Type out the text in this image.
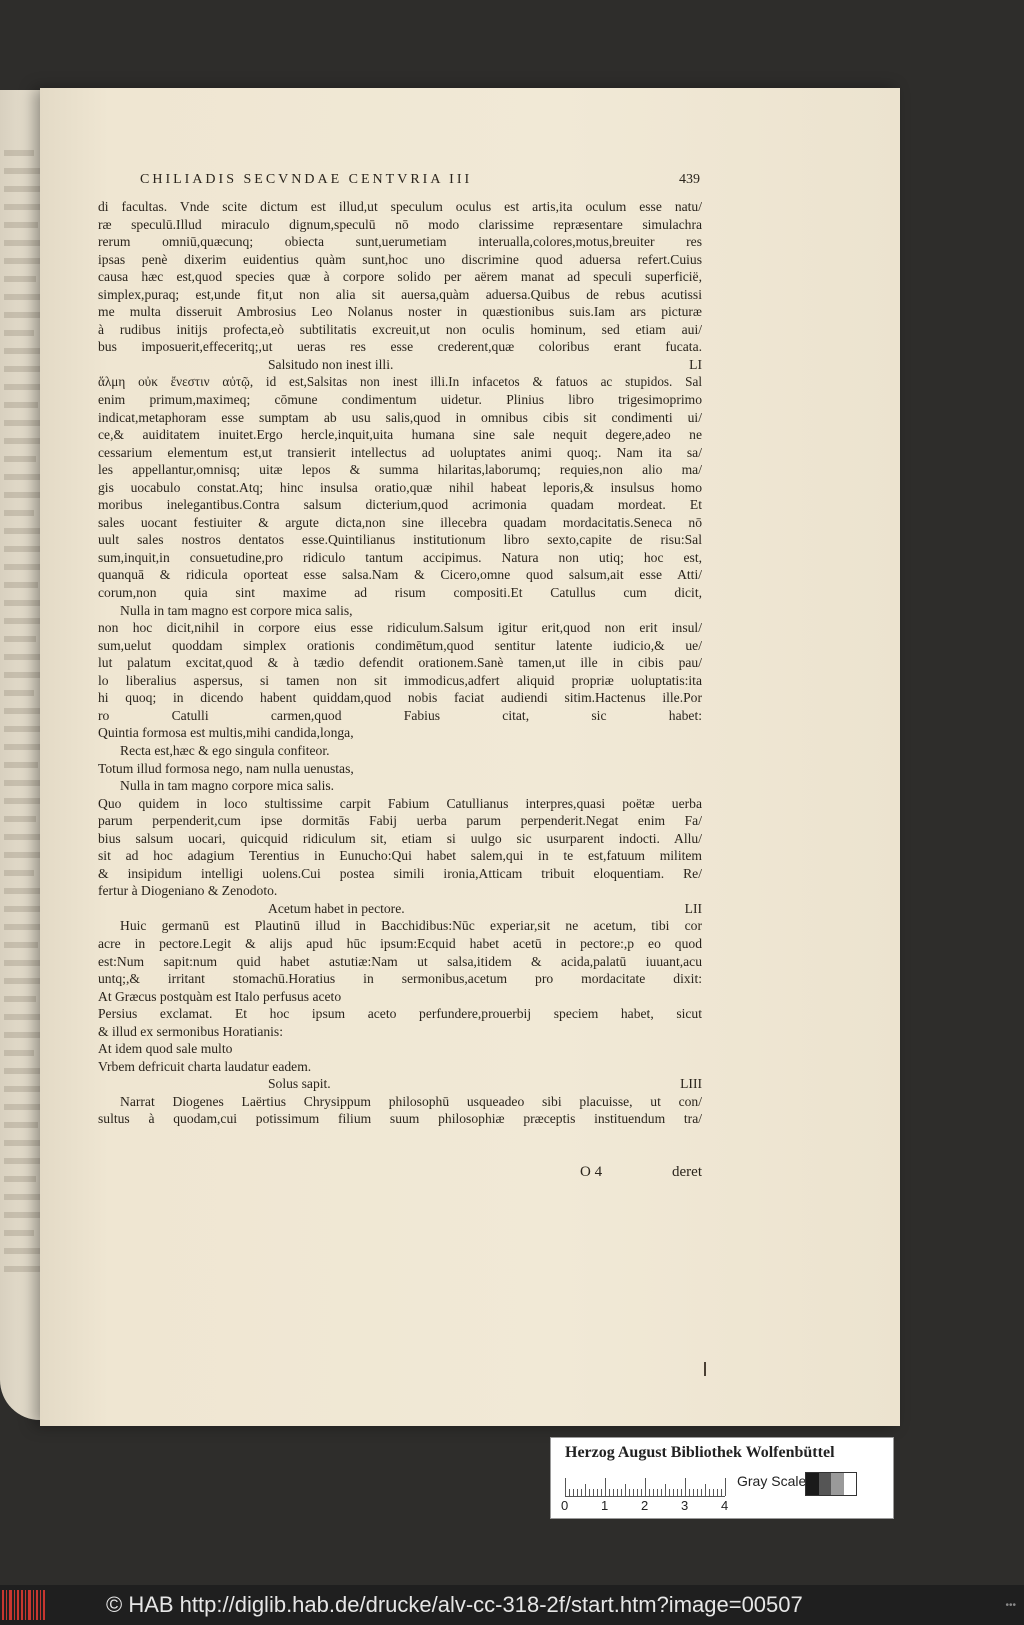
CHILIADIS SECVNDAE CENTVRIA III	439
di facultas. Vnde scite dictum est illud,ut speculum oculus est artis,ita oculum esse natu/
ræ speculū.Illud miraculo dignum,speculū nō modo clarissime repræsentare simulachra
rerum omniū,quæcunq; obiecta sunt,uerumetiam interualla,colores,motus,breuiter res
ipsas penè dixerim euidentius quàm sunt,hoc uno discrimine quod aduersa refert.Cuius
causa hæc est,quod species quæ à corpore solido per aërem manat ad speculi superficië,
simplex,puraq; est,unde fit,ut non alia sit auersa,quàm aduersa.Quibus de rebus acutissi
me multa disseruit Ambrosius Leo Nolanus noster in quæstionibus suis.Iam ars picturæ
à rudibus initijs profecta,eò subtilitatis excreuit,ut non oculis hominum, sed etiam aui/
bus imposuerit,effeceritq;,ut ueras res esse crederent,quæ coloribus erant fucata.
Salsitudo non inest illi.	LI
ἅλμη οὐκ ἔνεστιν αὐτῷ, id est,Salsitas non inest illi.In infacetos & fatuos ac stupidos. Sal
enim primum,maximeq; cōmune condimentum uidetur. Plinius libro trigesimoprimo
indicat,metaphoram esse sumptam ab usu salis,quod in omnibus cibis sit condimenti ui/
ce,& auiditatem inuitet.Ergo hercle,inquit,uita humana sine sale nequit degere,adeo ne
cessarium elementum est,ut transierit intellectus ad uoluptates animi quoq;. Nam ita sa/
les appellantur,omnisq; uitæ lepos & summa hilaritas,laborumq; requies,non alio ma/
gis uocabulo constat.Atq; hinc insulsa oratio,quæ nihil habeat leporis,& insulsus homo
moribus inelegantibus.Contra salsum dicterium,quod acrimonia quadam mordeat. Et
sales uocant festiuiter & argute dicta,non sine illecebra quadam mordacitatis.Seneca nō
uult sales nostros dentatos esse.Quintilianus institutionum libro sexto,capite de risu:Sal
sum,inquit,in consuetudine,pro ridiculo tantum accipimus. Natura non utiq; hoc est,
quanquā & ridicula oporteat esse salsa.Nam & Cicero,omne quod salsum,ait esse Atti/
corum,non quia sint maxime ad risum compositi.Et Catullus cum dicit,
Nulla in tam magno est corpore mica salis,
non hoc dicit,nihil in corpore eius esse ridiculum.Salsum igitur erit,quod non erit insul/
sum,uelut quoddam simplex orationis condimētum,quod sentitur latente iudicio,& ue/
lut palatum excitat,quod & à tædio defendit orationem.Sanè tamen,ut ille in cibis pau/
lo liberalius aspersus, si tamen non sit immodicus,adfert aliquid propriæ uoluptatis:ita
hi quoq; in dicendo habent quiddam,quod nobis faciat audiendi sitim.Hactenus ille.Por
ro Catulli carmen,quod Fabius citat, sic habet:
Quintia formosa est multis,mihi candida,longa,
Recta est,hæc & ego singula confiteor.
Totum illud formosa nego, nam nulla uenustas,
Nulla in tam magno corpore mica salis.
Quo quidem in loco stultissime carpit Fabium Catullianus interpres,quasi poëtæ uerba
parum perpenderit,cum ipse dormitās Fabij uerba parum perpenderit.Negat enim Fa/
bius salsum uocari, quicquid ridiculum sit, etiam si uulgo sic usurparent indocti. Allu/
sit ad hoc adagium Terentius in Eunucho:Qui habet salem,qui in te est,fatuum militem
& insipidum intelligi uolens.Cui postea simili ironia,Atticam tribuit eloquentiam. Re/
fertur à Diogeniano & Zenodoto.
Acetum habet in pectore.	LII
Huic germanū est Plautinū illud in Bacchidibus:Nūc experiar,sit ne acetum, tibi cor
acre in pectore.Legit & alijs apud hūc ipsum:Ecquid habet acetū in pectore:,p eo quod
est:Num sapit:num quid habet astutiæ:Nam ut salsa,itidem & acida,palatū iuuant,acu
untq;,& irritant stomachū.Horatius in sermonibus,acetum pro mordacitate dixit:
At Græcus postquàm est Italo perfusus aceto
Persius exclamat. Et hoc ipsum aceto perfundere,prouerbij speciem habet, sicut
& illud ex sermonibus Horatianis:
At idem quod sale multo
Vrbem defricuit charta laudatur eadem.
Solus sapit.	LIII
Narrat Diogenes Laërtius Chrysippum philosophū usqueadeo sibi placuisse, ut con/
sultus à quodam,cui potissimum filium suum philosophiæ præceptis instituendum tra/
O 4	deret
Herzog August Bibliothek Wolfenbüttel
0	1	2	3	4
Gray Scale
© HAB http://diglib.hab.de/drucke/alv-cc-318-2f/start.htm?image=00507	•••
